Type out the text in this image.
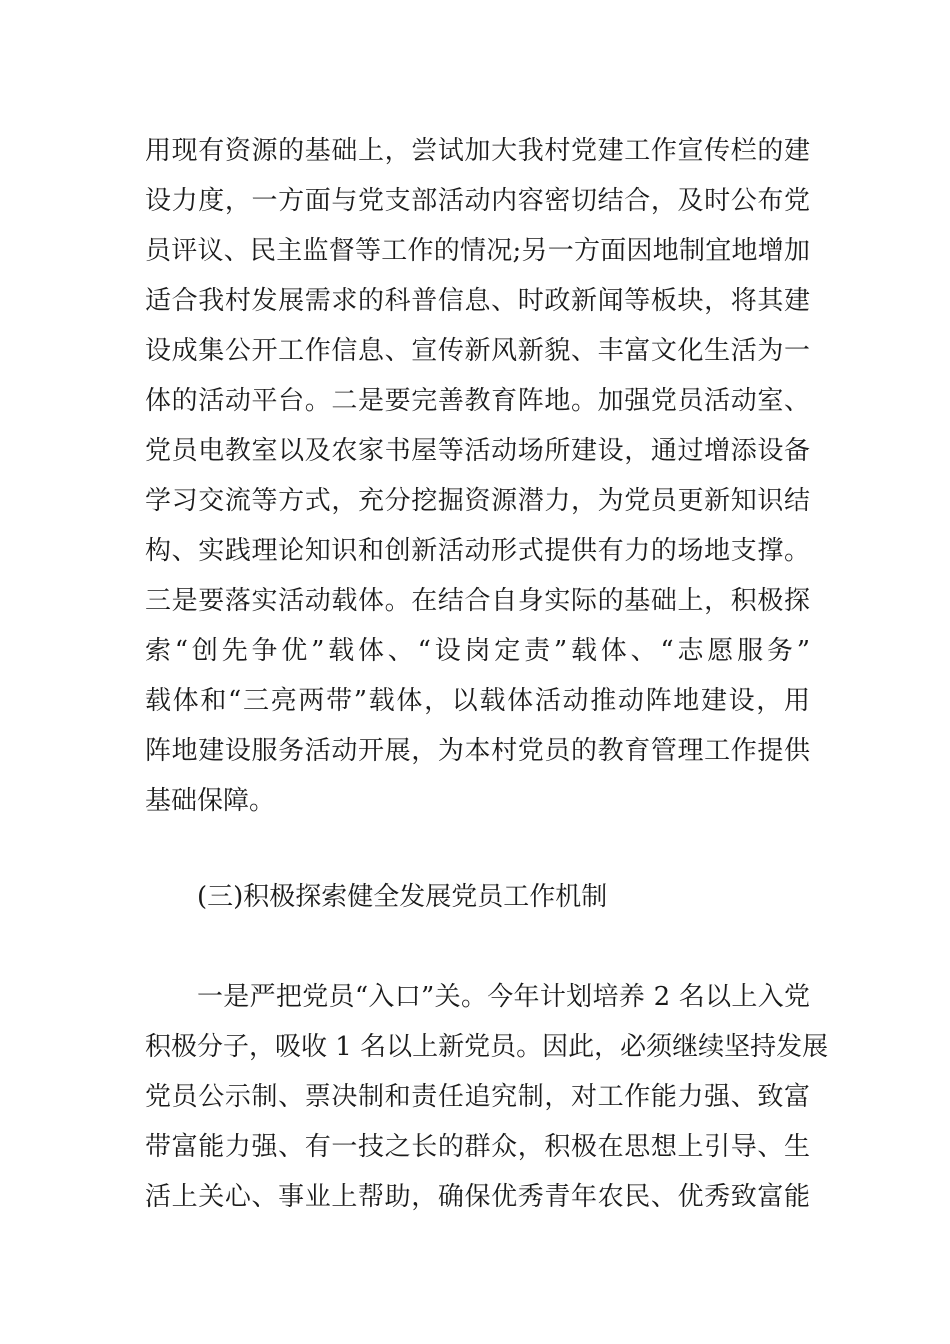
用现有资源的基础上，尝试加大我村党建工作宣传栏的建
设力度，一方面与党支部活动内容密切结合，及时公布党
员评议、民主监督等工作的情况;另一方面因地制宜地增加
适合我村发展需求的科普信息、时政新闻等板块，将其建
设成集公开工作信息、宣传新风新貌、丰富文化生活为一
体的活动平台。二是要完善教育阵地。加强党员活动室、
党员电教室以及农家书屋等活动场所建设，通过增添设备
学习交流等方式，充分挖掘资源潜力，为党员更新知识结
构、实践理论知识和创新活动形式提供有力的场地支撑。
三是要落实活动载体。在结合自身实际的基础上，积极探
索“创先争优”载体、“设岗定责”载体、“志愿服务”
载体和“三亮两带”载体，以载体活动推动阵地建设，用
阵地建设服务活动开展，为本村党员的教育管理工作提供
基础保障。
(三)积极探索健全发展党员工作机制
一是严把党员“入口”关。今年计划培养 2 名以上入党
积极分子，吸收 1 名以上新党员。因此，必须继续坚持发展
党员公示制、票决制和责任追究制，对工作能力强、致富
带富能力强、有一技之长的群众，积极在思想上引导、生
活上关心、事业上帮助，确保优秀青年农民、优秀致富能
